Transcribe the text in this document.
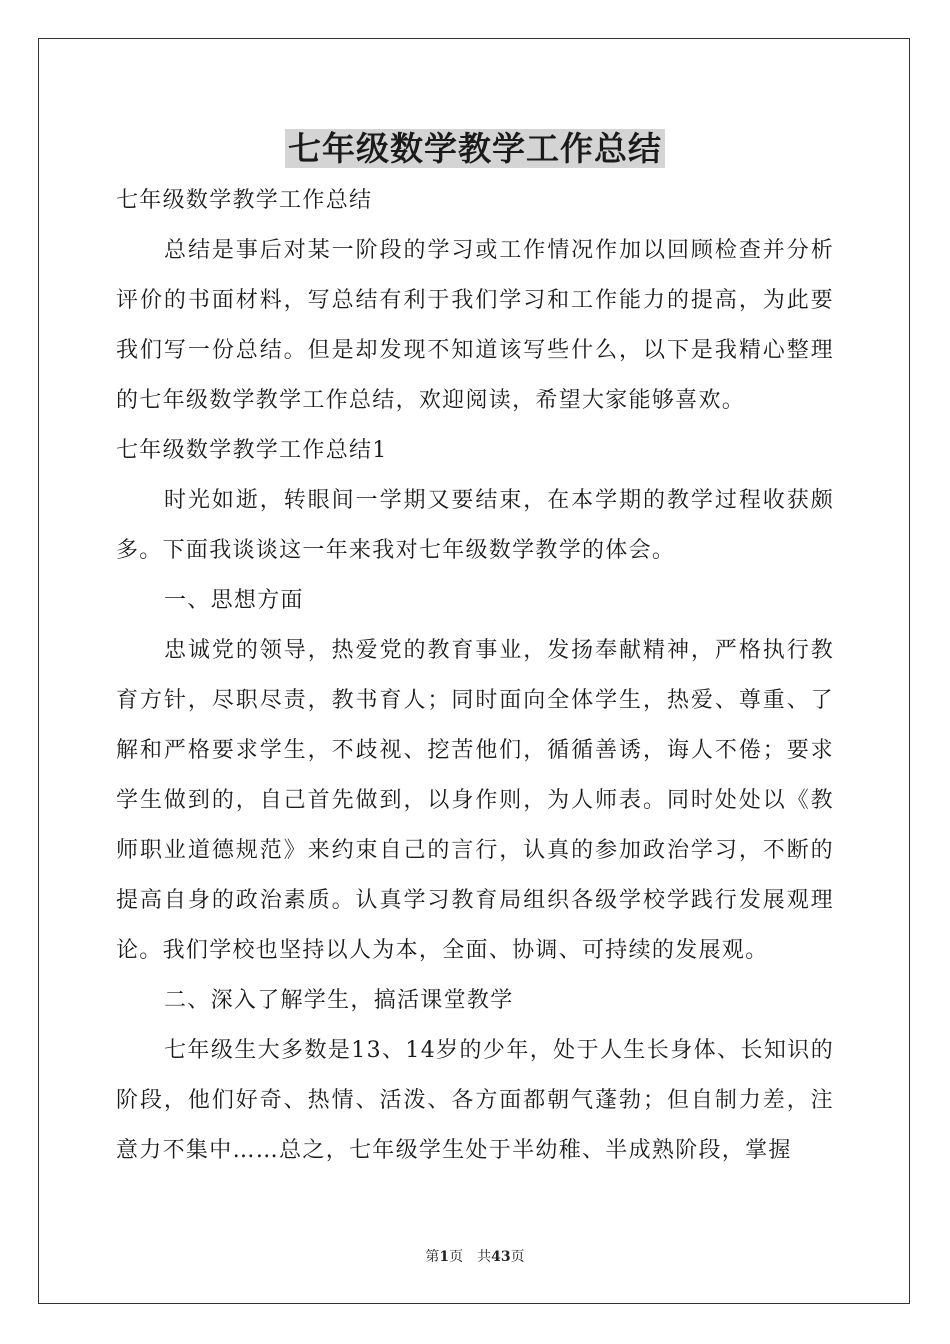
七年级数学教学工作总结

七年级数学教学工作总结

总结是事后对某一阶段的学习或工作情况作加以回顾检查并分析评价的书面材料，写总结有利于我们学习和工作能力的提高，为此要我们写一份总结。但是却发现不知道该写些什么，以下是我精心整理的七年级数学教学工作总结，欢迎阅读，希望大家能够喜欢。

七年级数学教学工作总结1

时光如逝，转眼间一学期又要结束，在本学期的教学过程收获颇多。下面我谈谈这一年来我对七年级数学教学的体会。

一、思想方面

忠诚党的领导，热爱党的教育事业，发扬奉献精神，严格执行教育方针，尽职尽责，教书育人；同时面向全体学生，热爱、尊重、了解和严格要求学生，不歧视、挖苦他们，循循善诱，诲人不倦；要求学生做到的，自己首先做到，以身作则，为人师表。同时处处以《教师职业道德规范》来约束自己的言行，认真的参加政治学习，不断的提高自身的政治素质。认真学习教育局组织各级学校学践行发展观理论。我们学校也坚持以人为本，全面、协调、可持续的发展观。

二、深入了解学生，搞活课堂教学

七年级生大多数是13、14岁的少年，处于人生长身体、长知识的阶段，他们好奇、热情、活泼、各方面都朝气蓬勃；但自制力差，注意力不集中……总之，七年级学生处于半幼稚、半成熟阶段，掌握

第1页 共43页
